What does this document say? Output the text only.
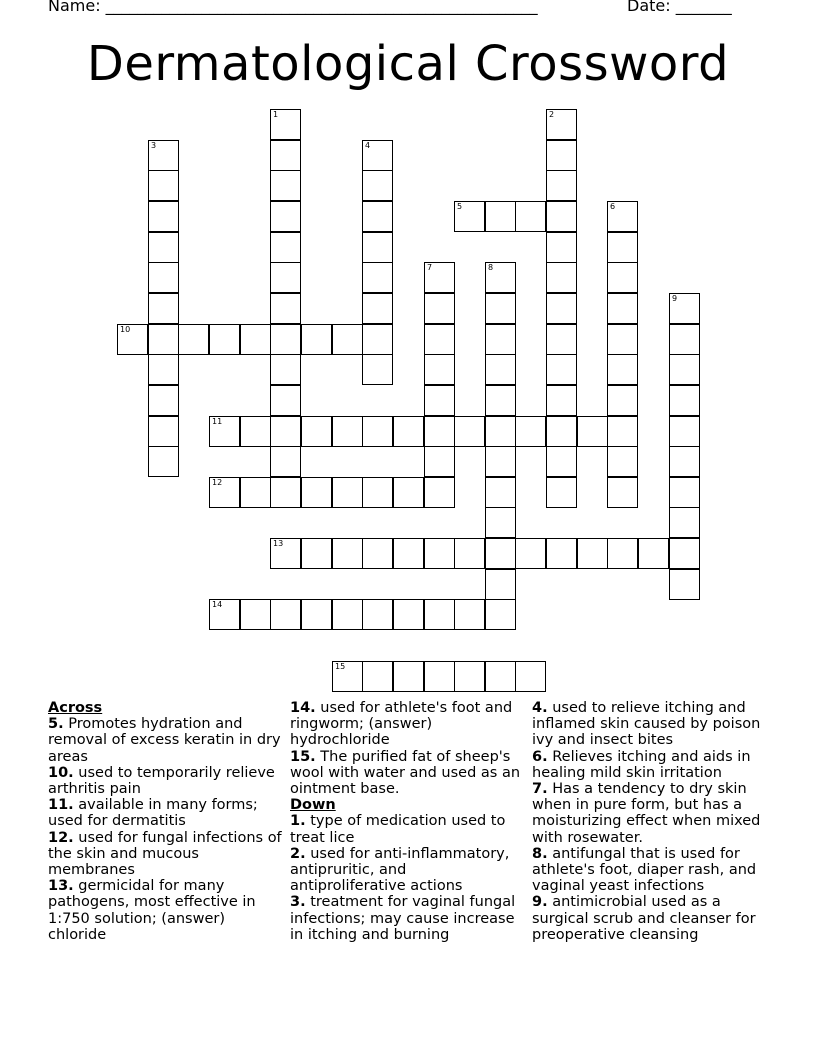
Name: ______________________________________________________	Date: _______
Dermatological Crossword
5
10
11
12
13
14
15
1	2
3	4
6
7	8
9
Across
5. Promotes hydration and removal of excess keratin in dry areas
10. used to temporarily relieve arthritis pain
11. available in many forms; used for dermatitis
12. used for fungal infections of the skin and mucous membranes
13. germicidal for many pathogens, most effective in 1:750 solution; (answer) chloride
14. used for athlete's foot and ringworm; (answer) hydrochloride
15. The purified fat of sheep's wool with water and used as an ointment base.
Down
1. type of medication used to treat lice
2. used for anti-inflammatory, antipruritic, and antiproliferative actions
3. treatment for vaginal fungal infections; may cause increase in itching and burning
4. used to relieve itching and inflamed skin caused by poison ivy and insect bites
6. Relieves itching and aids in healing mild skin irritation
7. Has a tendency to dry skin when in pure form, but has a moisturizing effect when mixed with rosewater.
8. antifungal that is used for athlete's foot, diaper rash, and vaginal yeast infections
9. antimicrobial used as a surgical scrub and cleanser for preoperative cleansing
